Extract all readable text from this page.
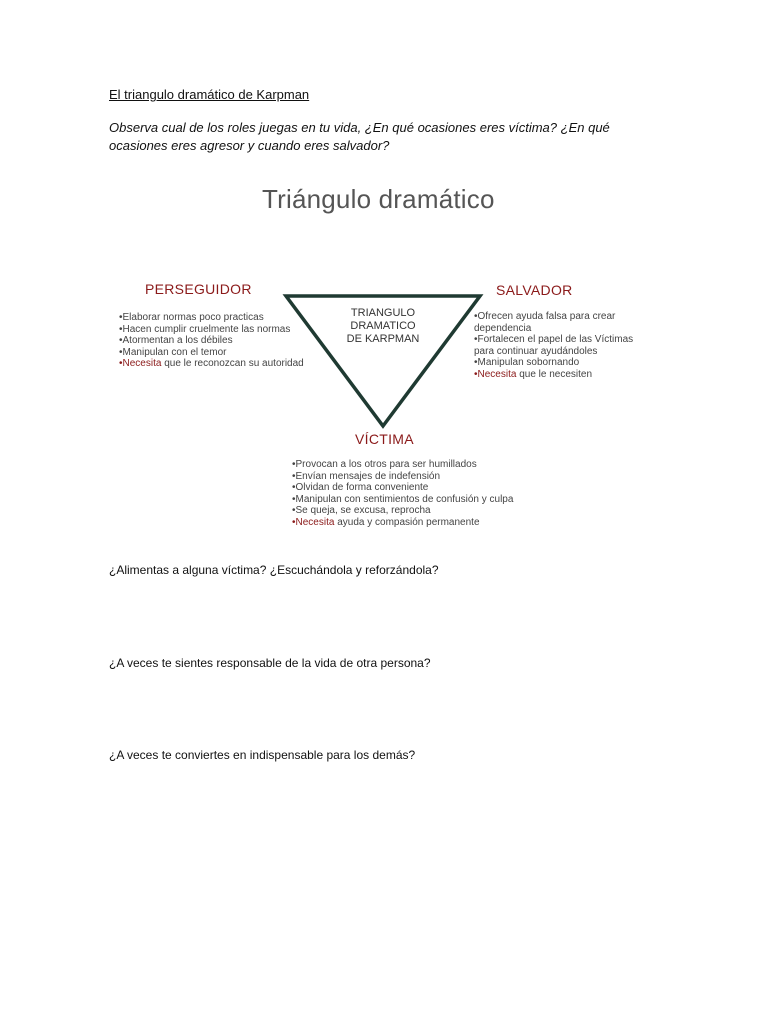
El triangulo dramático de Karpman
Observa cual de los roles juegas en tu vida, ¿En qué ocasiones eres víctima? ¿En qué ocasiones eres agresor y cuando eres salvador?
Triángulo dramático
TRIANGULO
DRAMATICO
DE KARPMAN
PERSEGUIDOR
•Elaborar normas poco practicas
•Hacen cumplir cruelmente las normas
•Atormentan a los débiles
•Manipulan con el temor
•Necesita que le reconozcan su autoridad
SALVADOR
•Ofrecen ayuda falsa para crear
dependencia
•Fortalecen el papel de las Víctimas
para continuar ayudándoles
•Manipulan sobornando
•Necesita que le necesiten
VÍCTIMA
•Provocan a los otros para ser humillados
•Envían mensajes de indefensión
•Olvidan de forma conveniente
•Manipulan con sentimientos de confusión y culpa
•Se queja, se excusa, reprocha
•Necesita ayuda y compasión permanente
¿Alimentas a alguna víctima? ¿Escuchándola y reforzándola?
¿A veces te sientes responsable de la vida de otra persona?
¿A veces te conviertes en indispensable para los demás?
